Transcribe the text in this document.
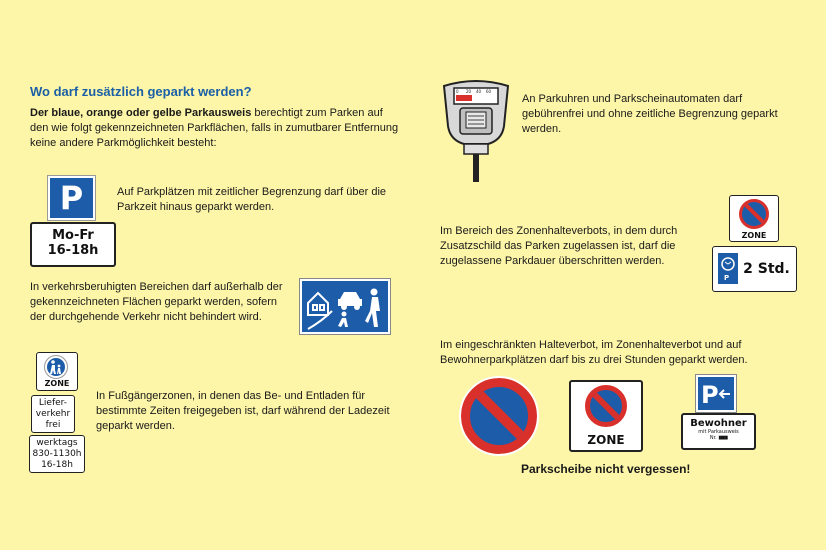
Wo darf zusätzlich geparkt werden?
Der blaue, orange oder gelbe Parkausweis berechtigt zum Parken auf den wie folgt gekennzeichneten Parkflächen, falls in zumutbarer Entfernung keine andere Parkmöglichkeit besteht:
P
Mo-Fr
16-18h
Auf Parkplätzen mit zeitlicher Begrenzung darf über die Parkzeit hinaus geparkt werden.
In verkehrsberuhigten Bereichen darf außerhalb der gekennzeichneten Flächen geparkt werden, sofern der durchgehende Verkehr nicht behindert wird.
ZONE
Liefer-
verkehr
frei
werktags
830-1130h
16-18h
In Fußgängerzonen, in denen das Be- und Entladen für bestimmte Zeiten freigegeben ist, darf während der Ladezeit geparkt werden.
0 20 40 60
An Parkuhren und Parkscheinautomaten darf gebührenfrei und ohne zeitliche Begrenzung geparkt werden.
Im Bereich des Zonenhalteverbots, in dem durch Zusatzschild das Parken zugelassen ist, darf die zugelassene Parkdauer überschritten werden.
ZONE
P
2 Std.
Im eingeschränkten Halteverbot, im Zonenhalteverbot und auf Bewohnerparkplätzen darf bis zu drei Stunden geparkt werden.
ZONE
P
Bewohner
mit Parkausweis
Nr. ▮▮▮▮▮
Parkscheibe nicht vergessen!
